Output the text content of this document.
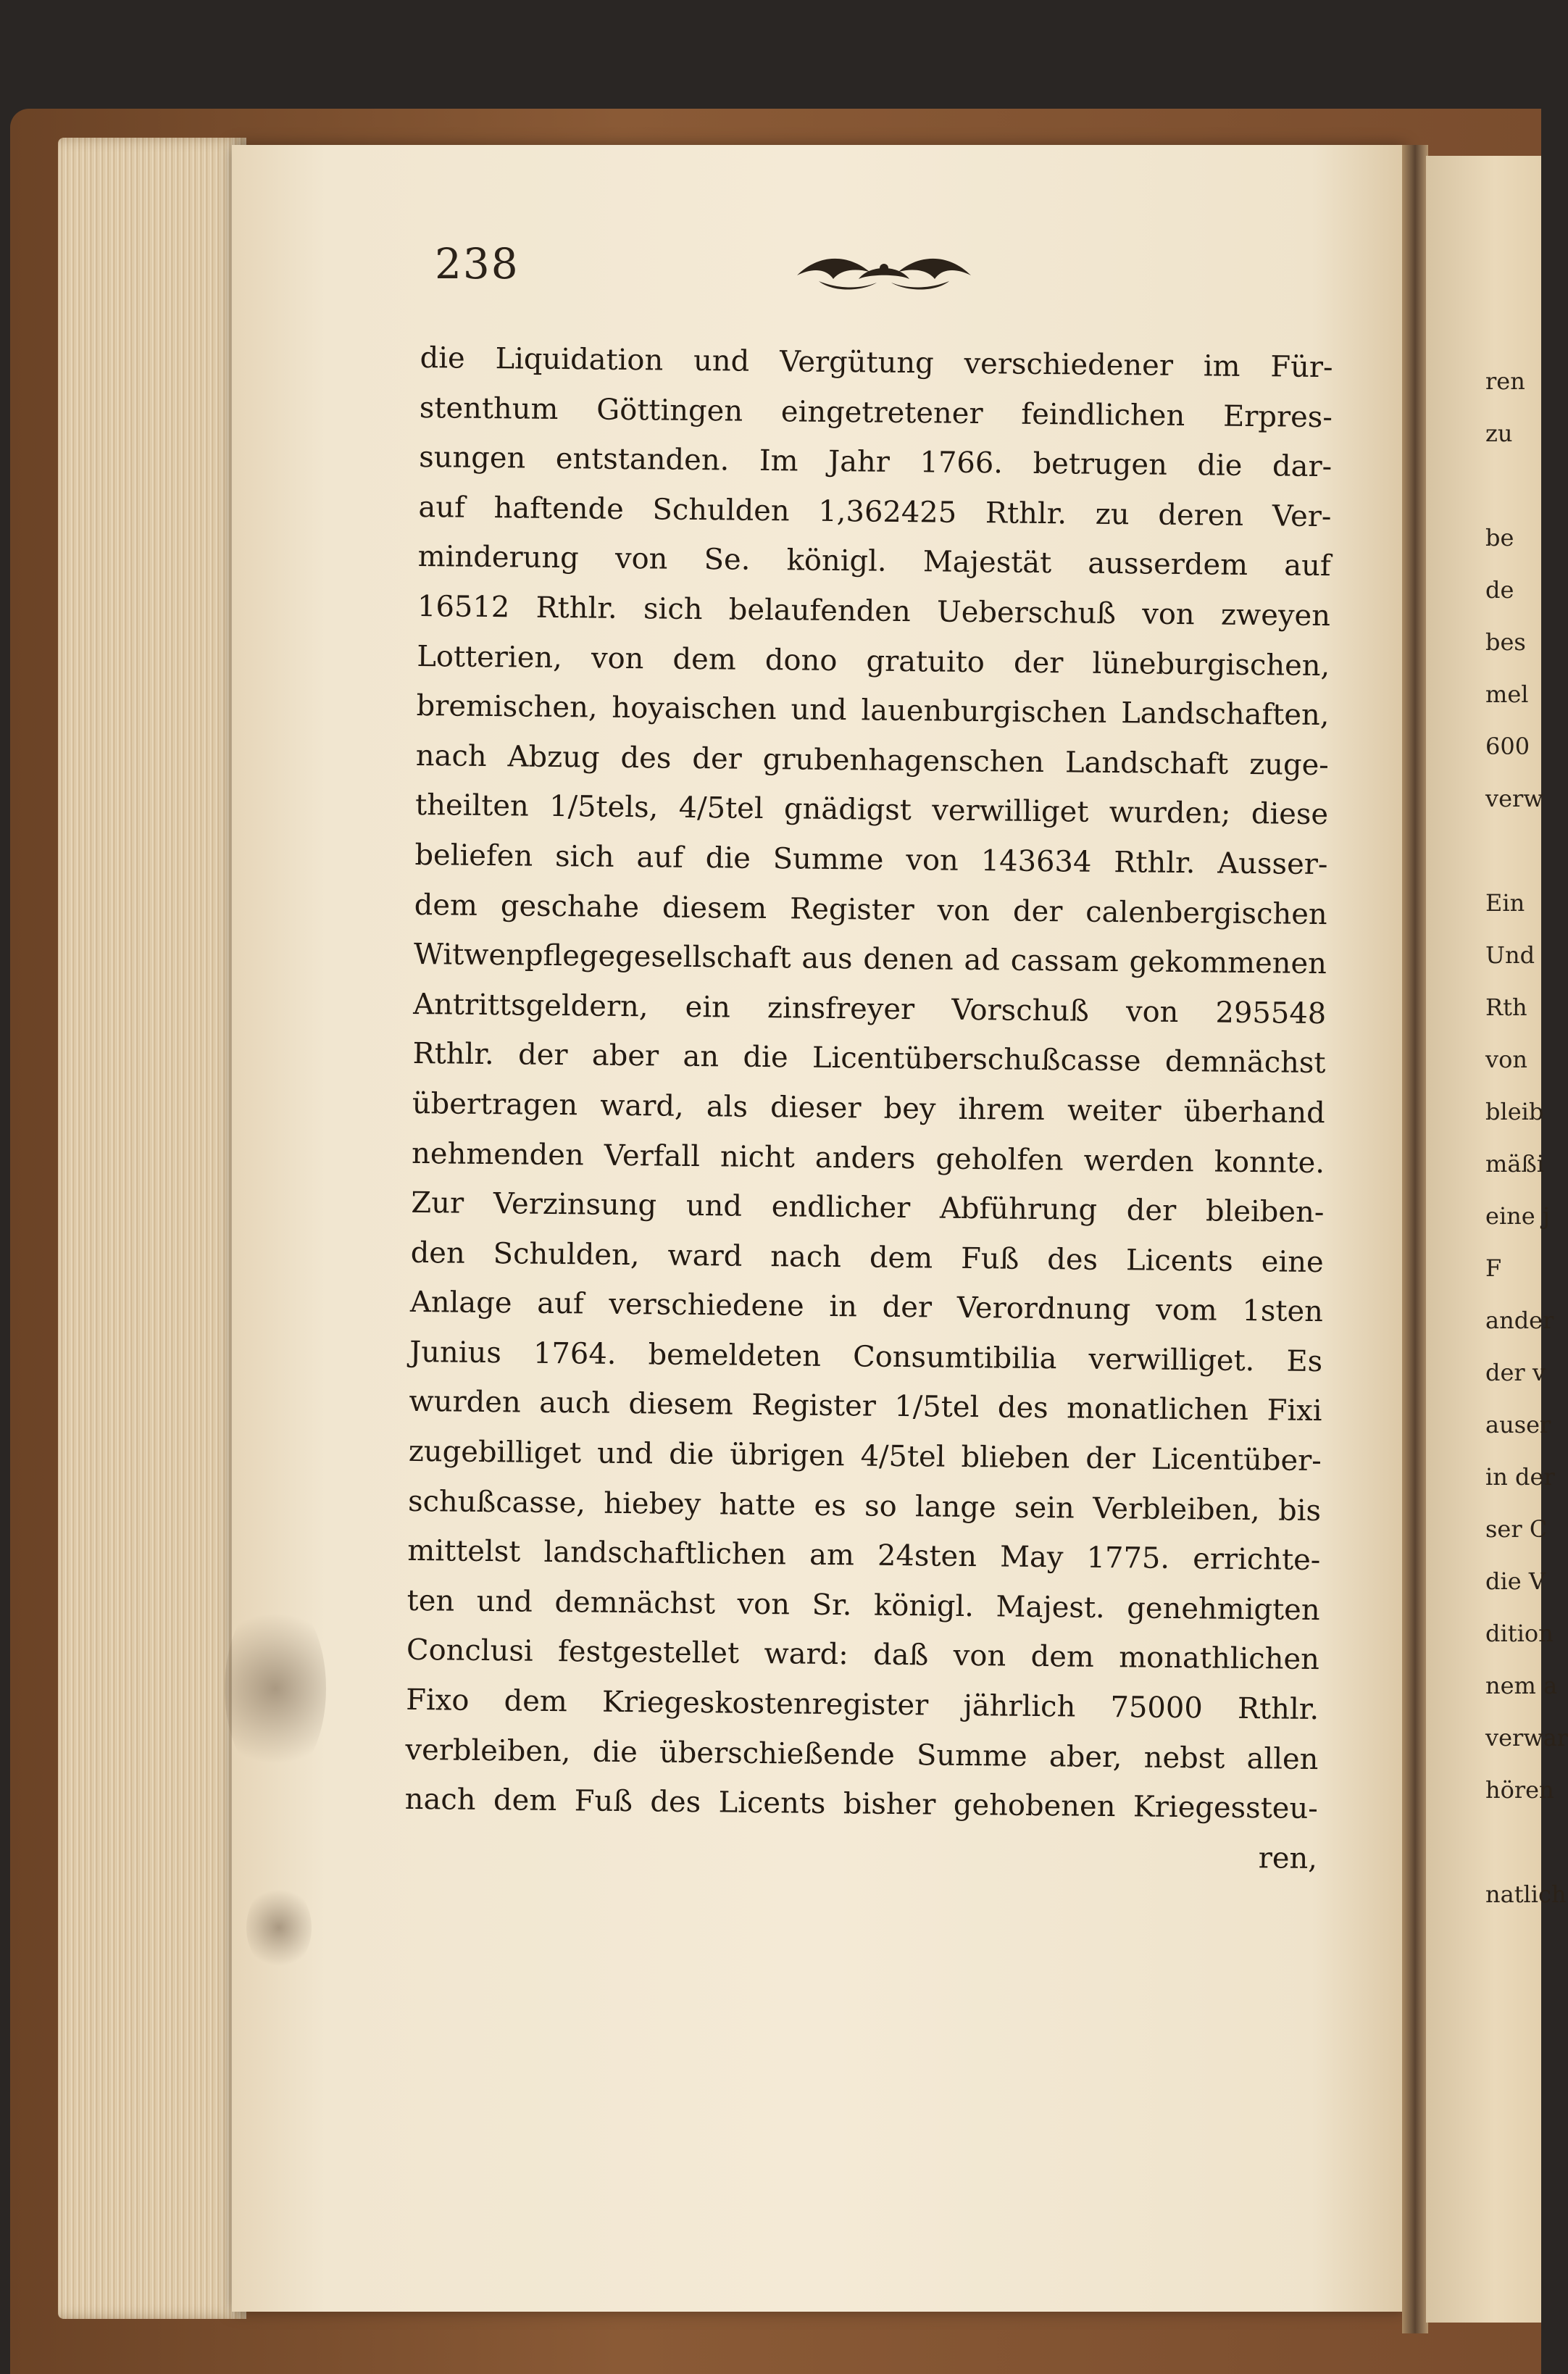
238
die Liquidation und Vergütung verschiedener im Für-
stenthum Göttingen eingetretener feindlichen Erpres-
sungen entstanden. Im Jahr 1766. betrugen die dar-
auf haftende Schulden 1,362425 Rthlr. zu deren Ver-
minderung von Se. königl. Majestät ausserdem auf
16512 Rthlr. sich belaufenden Ueberschuß von zweyen
Lotterien, von dem dono gratuito der lüneburgischen,
bremischen, hoyaischen und lauenburgischen Landschaften,
nach Abzug des der grubenhagenschen Landschaft zuge-
theilten 1/5tels, 4/5tel gnädigst verwilliget wurden; diese
beliefen sich auf die Summe von 143634 Rthlr. Ausser-
dem geschahe diesem Register von der calenbergischen
Witwenpflegegesellschaft aus denen ad cassam gekommenen
Antrittsgeldern, ein zinsfreyer Vorschuß von 295548
Rthlr. der aber an die Licentüberschußcasse demnächst
übertragen ward, als dieser bey ihrem weiter überhand
nehmenden Verfall nicht anders geholfen werden konnte.
Zur Verzinsung und endlicher Abführung der bleiben-
den Schulden, ward nach dem Fuß des Licents eine
Anlage auf verschiedene in der Verordnung vom 1sten
Junius 1764. bemeldeten Consumtibilia verwilliget. Es
wurden auch diesem Register 1/5tel des monatlichen Fixi
zugebilliget und die übrigen 4/5tel blieben der Licentüber-
schußcasse, hiebey hatte es so lange sein Verbleiben, bis
mittelst landschaftlichen am 24sten May 1775. errichte-
ten und demnächst von Sr. königl. Majest. genehmigten
Conclusi festgestellet ward: daß von dem monathlichen
Fixo dem Kriegeskostenregister jährlich 75000 Rthlr.
verbleiben, die überschießende Summe aber, nebst allen
nach dem Fuß des Licents bisher gehobenen Kriegessteu-
ren,
ren
zu
be
de
bes
mel
600
verw
Ein
Und
Rth
von
bleib
mäßi
eine j
F
ander
der v
auser
in der
ser C
die V
dition
nem a
verwar
hören
natlich
